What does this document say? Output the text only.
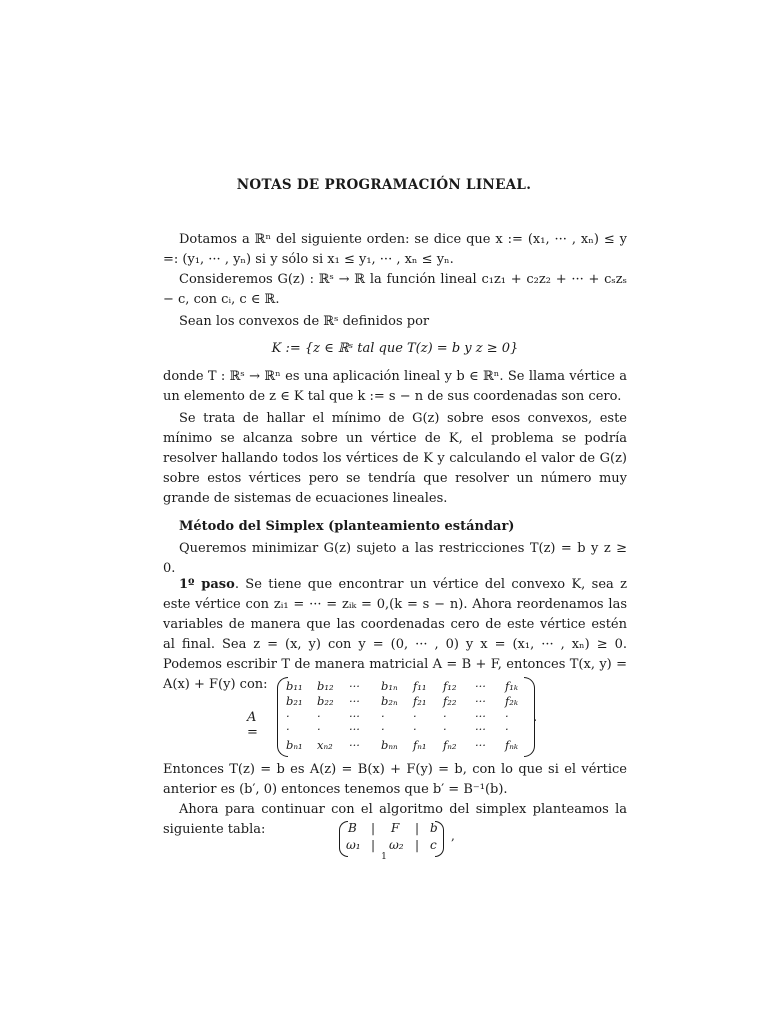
NOTAS DE PROGRAMACIÓN LINEAL.
Dotamos a ℝⁿ del siguiente orden: se dice que x := (x₁, ··· , xₙ) ≤ y =: (y₁, ··· , yₙ) si y sólo si x₁ ≤ y₁, ··· , xₙ ≤ yₙ.
Consideremos G(z) : ℝˢ → ℝ la función lineal c₁z₁ + c₂z₂ + ··· + cₛzₛ − c, con cᵢ, c ∈ ℝ.
Sean los convexos de ℝˢ definidos por
K := {z ∈ ℝˢ tal que T(z) = b y z ≥ 0}
donde T : ℝˢ → ℝⁿ es una aplicación lineal y b ∈ ℝⁿ. Se llama vértice a un elemento de z ∈ K tal que k := s − n de sus coordenadas son cero.
Se trata de hallar el mínimo de G(z) sobre esos convexos, este mínimo se alcanza sobre un vértice de K, el problema se podría resolver hallando todos los vértices de K y calculando el valor de G(z) sobre estos vértices pero se tendría que resolver un número muy grande de sistemas de ecuaciones lineales.
Método del Simplex (planteamiento estándar)
Queremos minimizar G(z) sujeto a las restricciones T(z) = b y z ≥ 0.
1º paso. Se tiene que encontrar un vértice del convexo K, sea z este vértice con zᵢ₁ = ··· = zᵢₖ = 0,(k = s − n). Ahora reordenamos las variables de manera que las coordenadas cero de este vértice estén al final. Sea z = (x, y) con y = (0, ··· , 0) y x = (x₁, ··· , xₙ) ≥ 0. Podemos escribir T de manera matricial A = B + F, entonces T(x, y) = A(x) + F(y) con:
A =
b₁₁ b₁₂ ··· b₁ₙ f₁₁ f₁₂ ··· f₁ₖ
b₂₁ b₂₂ ··· b₂ₙ f₂₁ f₂₂ ··· f₂ₖ
· · ··· · · · ··· ·
· · ··· · · · ··· ·
bₙ₁ xₙ₂ ··· bₙₙ fₙ₁ fₙ₂ ··· fₙₖ
.
Entonces T(z) = b es A(z) = B(x) + F(y) = b, con lo que si el vértice anterior es (b′, 0) entonces tenemos que b′ = B⁻¹(b).
Ahora para continuar con el algoritmo del simplex planteamos la siguiente tabla:	B | F | b
ω₁ | ω₂ | c
,
1
